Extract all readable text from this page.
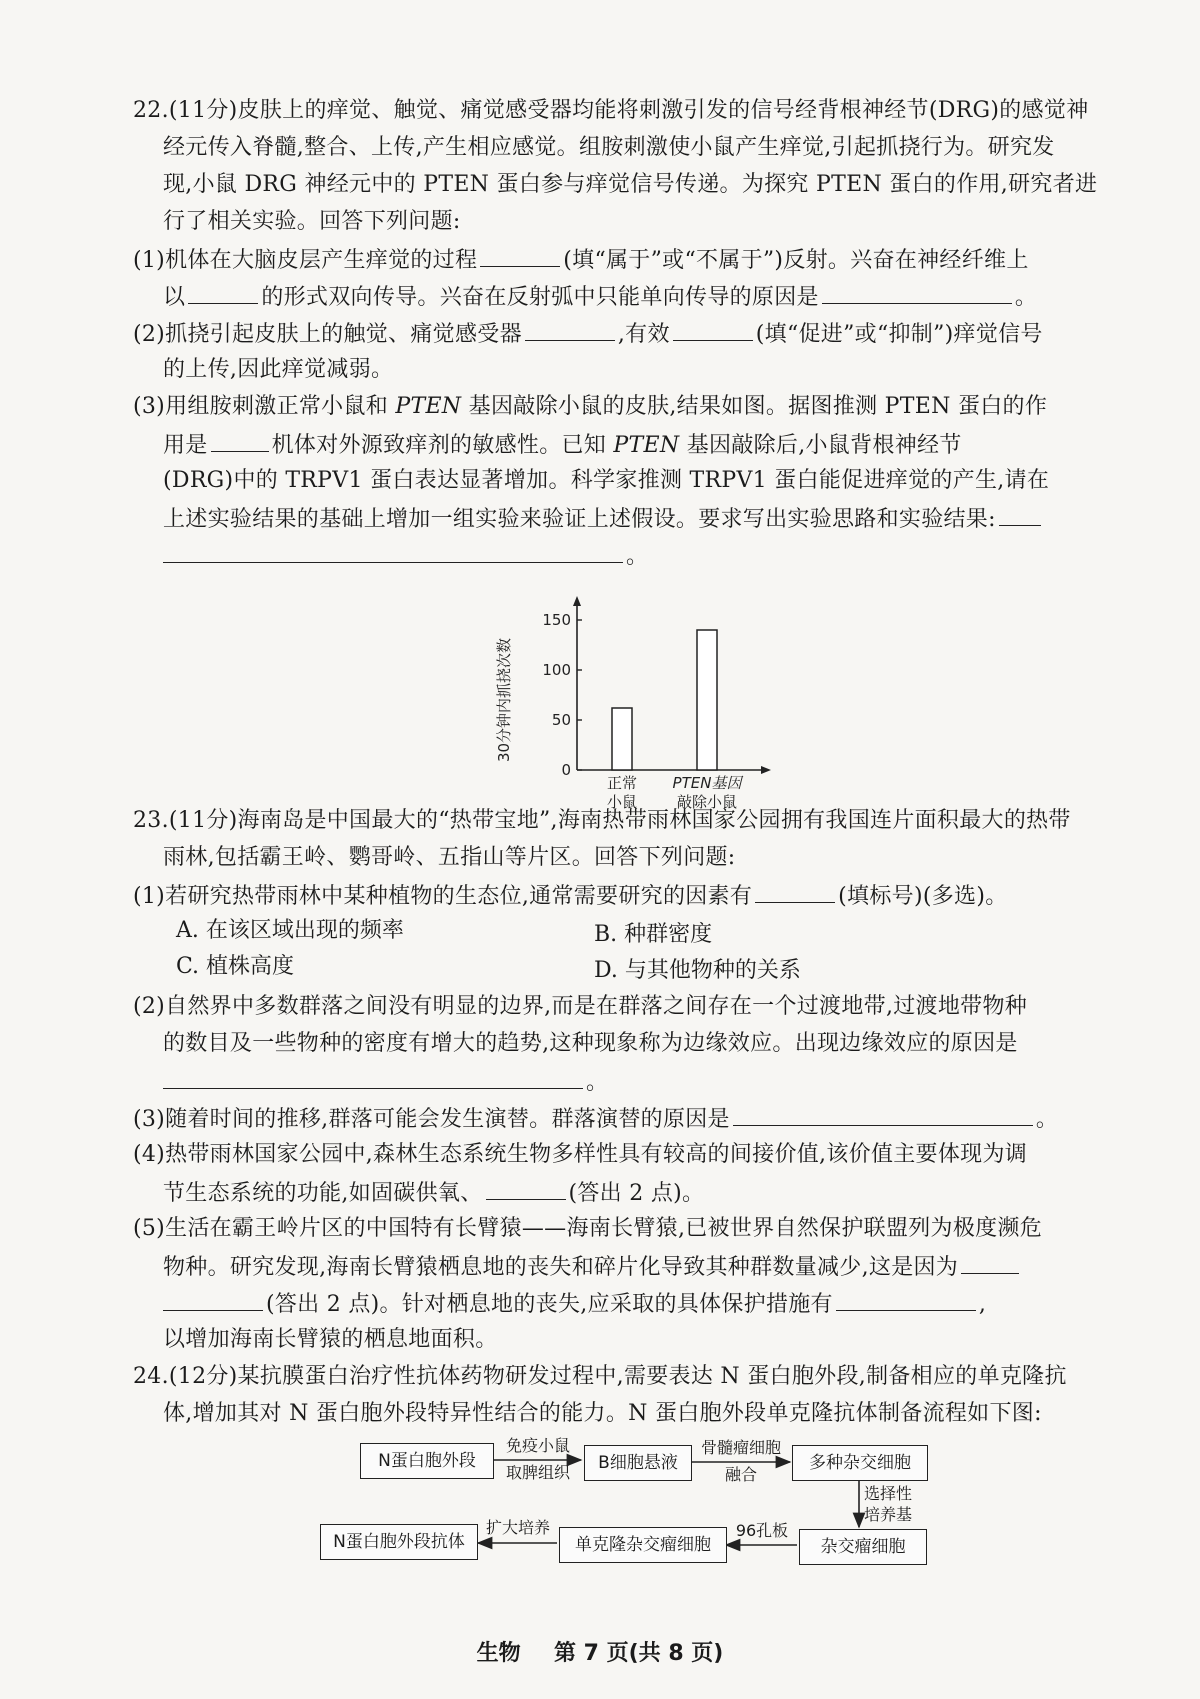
22.(11分)皮肤上的痒觉、触觉、痛觉感受器均能将刺激引发的信号经背根神经节(DRG)的感觉神
经元传入脊髓,整合、上传,产生相应感觉。组胺刺激使小鼠产生痒觉,引起抓挠行为。研究发
现,小鼠 DRG 神经元中的 PTEN 蛋白参与痒觉信号传递。为探究 PTEN 蛋白的作用,研究者进
行了相关实验。回答下列问题:
(1)机体在大脑皮层产生痒觉的过程	(填“属于”或“不属于”)反射。兴奋在神经纤维上
以	的形式双向传导。兴奋在反射弧中只能单向传导的原因是	。
(2)抓挠引起皮肤上的触觉、痛觉感受器	,有效	(填“促进”或“抑制”)痒觉信号
的上传,因此痒觉减弱。
(3)用组胺刺激正常小鼠和 PTEN 基因敲除小鼠的皮肤,结果如图。据图推测 PTEN 蛋白的作
用是	机体对外源致痒剂的敏感性。已知 PTEN 基因敲除后,小鼠背根神经节
(DRG)中的 TRPV1 蛋白表达显著增加。科学家推测 TRPV1 蛋白能促进痒觉的产生,请在
上述实验结果的基础上增加一组实验来验证上述假设。要求写出实验思路和实验结果:
。
0
50
100
150
30分钟内抓挠次数
正常
小鼠
PTEN基因
敲除小鼠
23.(11分)海南岛是中国最大的“热带宝地”,海南热带雨林国家公园拥有我国连片面积最大的热带
雨林,包括霸王岭、鹦哥岭、五指山等片区。回答下列问题:
(1)若研究热带雨林中某种植物的生态位,通常需要研究的因素有	(填标号)(多选)。
A. 在该区域出现的频率	B. 种群密度
C. 植株高度	D. 与其他物种的关系
(2)自然界中多数群落之间没有明显的边界,而是在群落之间存在一个过渡地带,过渡地带物种
的数目及一些物种的密度有增大的趋势,这种现象称为边缘效应。出现边缘效应的原因是
。
(3)随着时间的推移,群落可能会发生演替。群落演替的原因是	。
(4)热带雨林国家公园中,森林生态系统生物多样性具有较高的间接价值,该价值主要体现为调
节生态系统的功能,如固碳供氧、	(答出 2 点)。
(5)生活在霸王岭片区的中国特有长臂猿——海南长臂猿,已被世界自然保护联盟列为极度濒危
物种。研究发现,海南长臂猿栖息地的丧失和碎片化导致其种群数量减少,这是因为
(答出 2 点)。针对栖息地的丧失,应采取的具体保护措施有	,
以增加海南长臂猿的栖息地面积。
24.(12分)某抗膜蛋白治疗性抗体药物研发过程中,需要表达 N 蛋白胞外段,制备相应的单克隆抗
体,增加其对 N 蛋白胞外段特异性结合的能力。N 蛋白胞外段单克隆抗体制备流程如下图:
N蛋白胞外段
免疫小鼠
取脾组织	B细胞悬液
骨髓瘤细胞
融合
多种杂交细胞
选择性
培养基
杂交瘤细胞
96孔板
单克隆杂交瘤细胞
扩大培养
N蛋白胞外段抗体
生物 第 7 页(共 8 页)
